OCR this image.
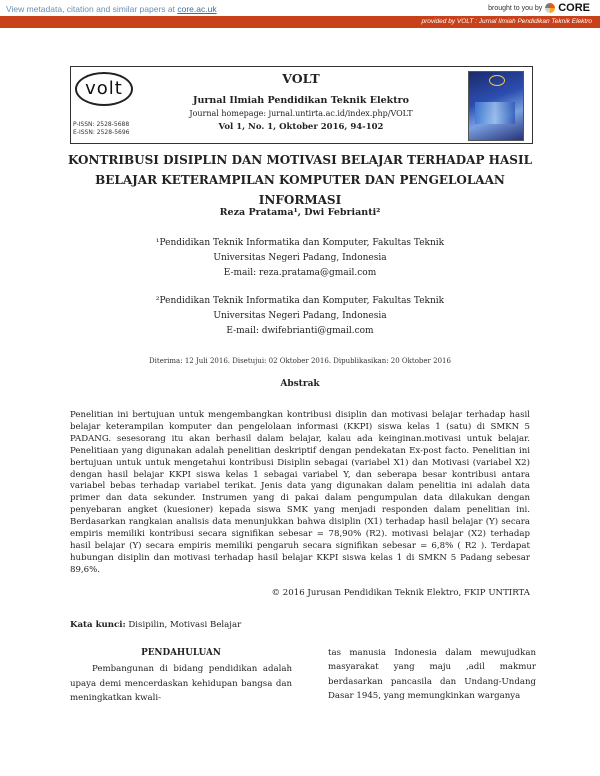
View metadata, citation and similar papers at core.ac.uk	brought to you by CORE
provided by VOLT : Jurnal Ilmiah Pendidikan Teknik Elektro
volt
P-ISSN: 2528-5688
E-ISSN: 2528-5696
VOLT
Jurnal Ilmiah Pendidikan Teknik Elektro
Journal homepage: jurnal.untirta.ac.id/index.php/VOLT
Vol 1, No. 1, Oktober 2016, 94-102
KONTRIBUSI DISIPLIN DAN MOTIVASI BELAJAR TERHADAP HASIL
BELAJAR KETERAMPILAN KOMPUTER DAN PENGELOLAAN INFORMASI
Reza Pratama¹, Dwi Febrianti²
¹Pendidikan Teknik Informatika dan Komputer, Fakultas Teknik
Universitas Negeri Padang, Indonesia
E-mail: reza.pratama@gmail.com
²Pendidikan Teknik Informatika dan Komputer, Fakultas Teknik
Universitas Negeri Padang, Indonesia
E-mail: dwifebrianti@gmail.com
Diterima: 12 Juli 2016. Disetujui: 02 Oktober 2016. Dipublikasikan: 20 Oktober 2016
Abstrak
Penelitian ini bertujuan untuk mengembangkan kontribusi disiplin dan motivasi belajar terhadap hasil belajar keterampilan komputer dan pengelolaan informasi (KKPI) siswa kelas 1 (satu) di SMKN 5 PADANG. sesesorang itu akan berhasil dalam belajar, kalau ada keinginan.motivasi untuk belajar. Penelitiaan yang digunakan adalah penelitian deskriptif dengan pendekatan Ex-post facto. Penelitian ini bertujuan untuk untuk mengetahui kontribusi Disiplin sebagai (variabel X1) dan Motivasi (variabel X2) dengan hasil belajar KKPI siswa kelas 1 sebagai variabel Y, dan seberapa besar kontribusi antara variabel bebas terhadap variabel terikat. Jenis data yang digunakan dalam penelitia ini adalah data primer dan data sekunder. Instrumen yang di pakai dalam pengumpulan data dilakukan dengan penyebaran angket (kuesioner) kepada siswa SMK yang menjadi responden dalam penelitian ini. Berdasarkan rangkaian analisis data menunjukkan bahwa disiplin (X1) terhadap hasil belajar (Y) secara empiris memiliki kontribusi secara signifikan sebesar = 78,90% (R2). motivasi belajar (X2) terhadap hasil belajar (Y) secara empiris memiliki pengaruh secara signifikan sebesar = 6,8% ( R2 ). Terdapat hubungan disiplin dan motivasi terhadap hasil belajar KKPI siswa kelas 1 di SMKN 5 Padang sebesar 89,6%.
© 2016 Jurusan Pendidikan Teknik Elektro, FKIP UNTIRTA
Kata kunci: Disipilin, Motivasi Belajar
PENDAHULUAN
Pembangunan di bidang pendidikan adalah upaya demi mencerdaskan kehidupan bangsa dan meningkatkan kwali-
tas manusia Indonesia dalam mewujudkan masyarakat yang maju ,adil makmur berdasarkan pancasila dan Undang-Undang Dasar 1945, yang memungkinkan warganya
